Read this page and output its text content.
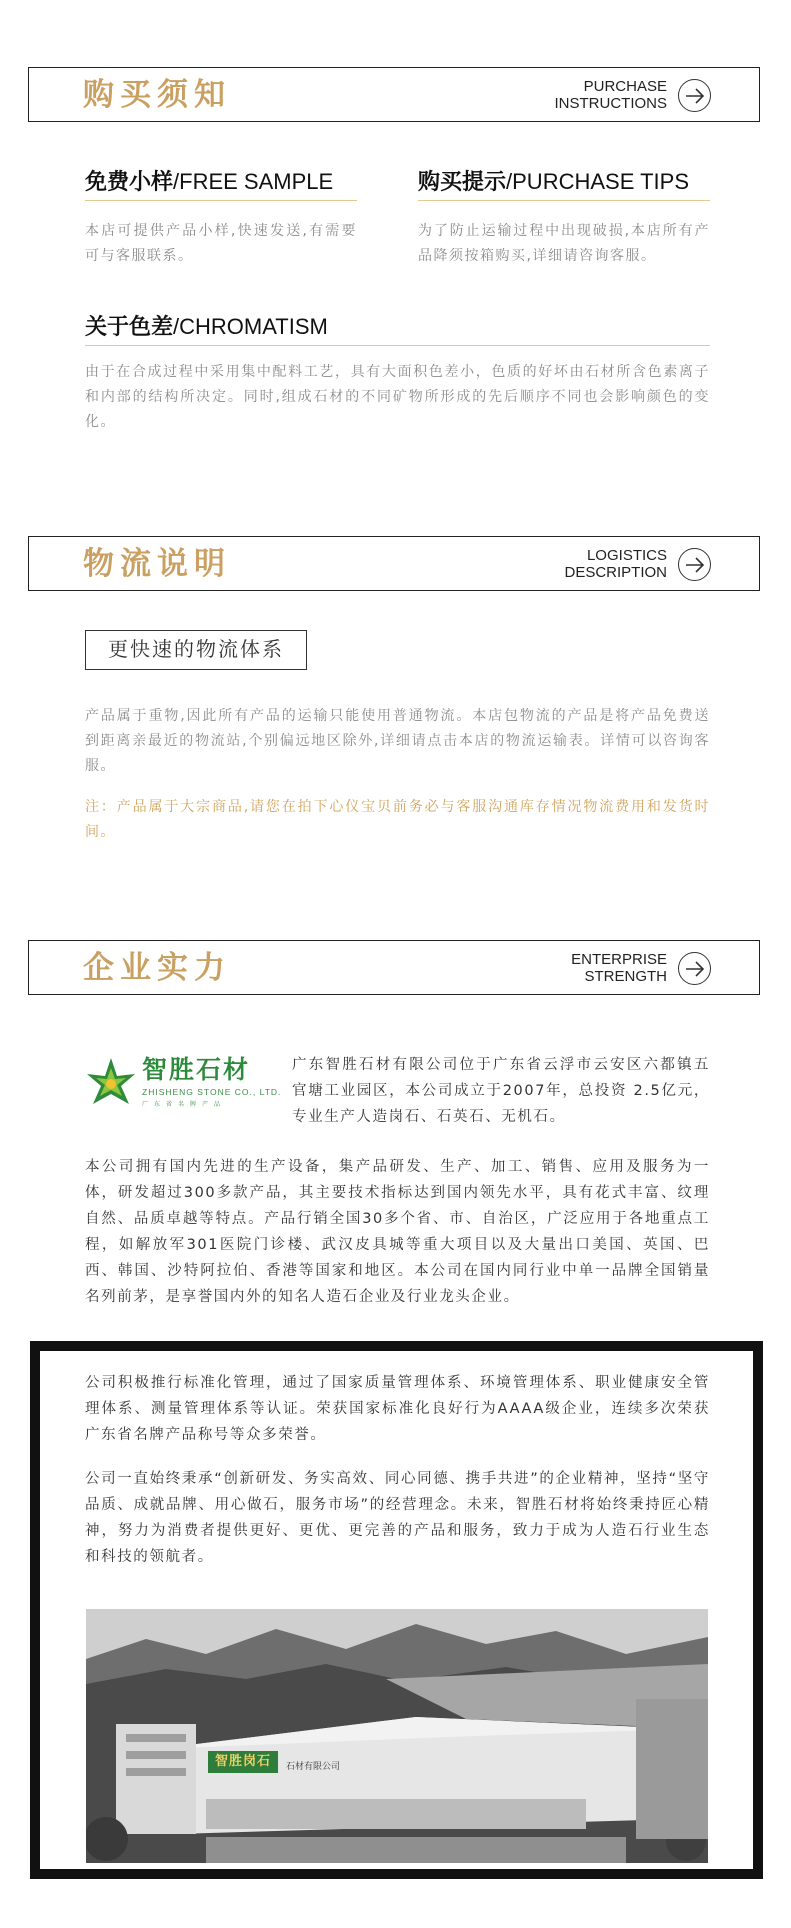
购买须知	PURCHASE
INSTRUCTIONS
免费小样/FREE SAMPLE
本店可提供产品小样,快速发送,有需要可与客服联系。
购买提示/PURCHASE TIPS
为了防止运输过程中出现破损,本店所有产品降须按箱购买,详细请咨询客服。
关于色差/CHROMATISM
由于在合成过程中采用集中配料工艺，具有大面积色差小，色质的好坏由石材所含色素离子和内部的结构所决定。同时,组成石材的不同矿物所形成的先后顺序不同也会影响颜色的变化。
物流说明	LOGISTICS
DESCRIPTION
更快速的物流体系
产品属于重物,因此所有产品的运输只能使用普通物流。本店包物流的产品是将产品免费送到距离亲最近的物流站,个别偏远地区除外,详细请点击本店的物流运输表。详情可以咨询客服。
注：产品属于大宗商品,请您在拍下心仪宝贝前务必与客服沟通库存情况物流费用和发货时间。
企业实力	ENTERPRISE
STRENGTH
智胜石材
ZHISHENG STONE CO., LTD.
广东省名牌产品
广东智胜石材有限公司位于广东省云浮市云安区六都镇五官塘工业园区，本公司成立于2007年，总投资 2.5亿元，专业生产人造岗石、石英石、无机石。
本公司拥有国内先进的生产设备，集产品研发、生产、加工、销售、应用及服务为一体，研发超过300多款产品，其主要技术指标达到国内领先水平，具有花式丰富、纹理自然、品质卓越等特点。产品行销全国30多个省、市、自治区，广泛应用于各地重点工程，如解放军301医院门诊楼、武汉皮具城等重大项目以及大量出口美国、英国、巴西、韩国、沙特阿拉伯、香港等国家和地区。本公司在国内同行业中单一品牌全国销量名列前茅，是享誉国内外的知名人造石企业及行业龙头企业。
公司积极推行标准化管理，通过了国家质量管理体系、环境管理体系、职业健康安全管理体系、测量管理体系等认证。荣获国家标准化良好行为AAAA级企业，连续多次荣获广东省名牌产品称号等众多荣誉。
公司一直始终秉承“创新研发、务实高效、同心同德、携手共进”的企业精神，坚持“坚守品质、成就品牌、用心做石，服务市场”的经营理念。未来，智胜石材将始终秉持匠心精神，努力为消费者提供更好、更优、更完善的产品和服务，致力于成为人造石行业生态和科技的领航者。
智胜岗石	石材有限公司
